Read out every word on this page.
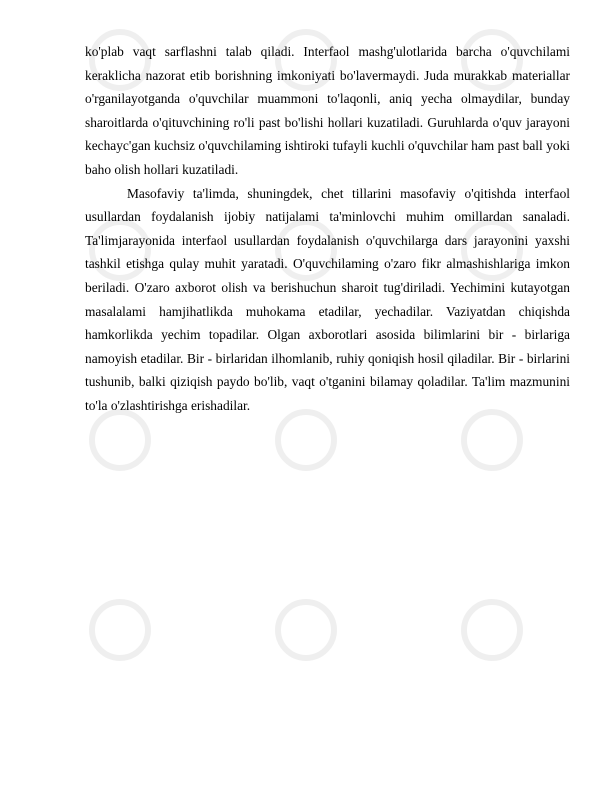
ko'plab vaqt sarflashni talab qiladi. Interfaol mashg'ulotlarida barcha o'quvchilami keraklicha nazorat etib borishning imkoniyati bo'lavermaydi. Juda murakkab materiallar o'rganilayotganda o'quvchilar muammoni to'laqonli, aniq yecha olmaydilar, bunday sharoitlarda o'qituvchining ro'li past bo'lishi hollari kuzatiladi. Guruhlarda o'quv jarayoni kechayc'gan kuchsiz o'quvchilaming ishtiroki tufayli kuchli o'quvchilar ham past ball yoki baho olish hollari kuzatiladi.

Masofaviy ta'limda, shuningdek, chet tillarini masofaviy o'qitishda interfaol usullardan foydalanish ijobiy natijalami ta'minlovchi muhim omillardan sanaladi. Ta'limjarayonida interfaol usullardan foydalanish o'quvchilarga dars jarayonini yaxshi tashkil etishga qulay muhit yaratadi. O'quvchilaming o'zaro fikr almashishlariga imkon beriladi. O'zaro axborot olish va berishuchun sharoit tug'diriladi. Yechimini kutayotgan masalalami hamjihatlikda muhokama etadilar, yechadilar. Vaziyatdan chiqishda hamkorlikda yechim topadilar. Olgan axborotlari asosida bilimlarini bir - birlariga namoyish etadilar. Bir - birlaridan ilhomlanib, ruhiy qoniqish hosil qiladilar. Bir - birlarini tushunib, balki qiziqish paydo bo'lib, vaqt o'tganini bilamay qoladilar. Ta'lim mazmunini to'la o'zlashtirishga erishadilar.
